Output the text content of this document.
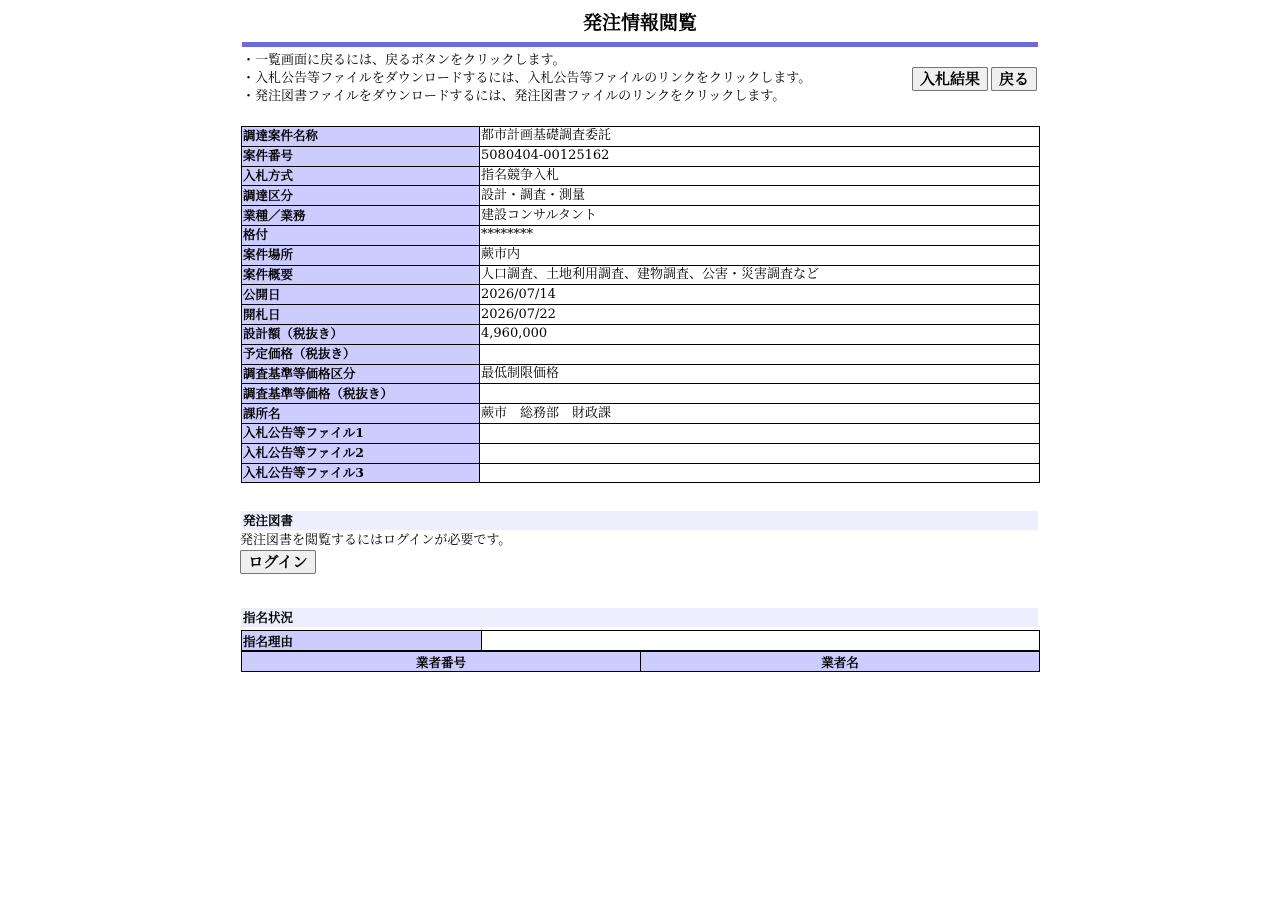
発注情報閲覧
・一覧画面に戻るには、戻るボタンをクリックします。
・入札公告等ファイルをダウンロードするには、入札公告等ファイルのリンクをクリックします。
・発注図書ファイルをダウンロードするには、発注図書ファイルのリンクをクリックします。
入札結果	戻る
調達案件名称	都市計画基礎調査委託
案件番号	5080404-00125162
入札方式	指名競争入札
調達区分	設計・調査・測量
業種／業務	建設コンサルタント
格付	********
案件場所	蕨市内
案件概要	人口調査、土地利用調査、建物調査、公害・災害調査など
公開日	2026/07/14
開札日	2026/07/22
設計額（税抜き）	4,960,000
予定価格（税抜き）	
調査基準等価格区分	最低制限価格
調査基準等価格（税抜き）	
課所名	蕨市　総務部　財政課
入札公告等ファイル1	
入札公告等ファイル2	
入札公告等ファイル3	
発注図書
発注図書を閲覧するにはログインが必要です。
ログイン
指名状況
指名理由	
業者番号	業者名
